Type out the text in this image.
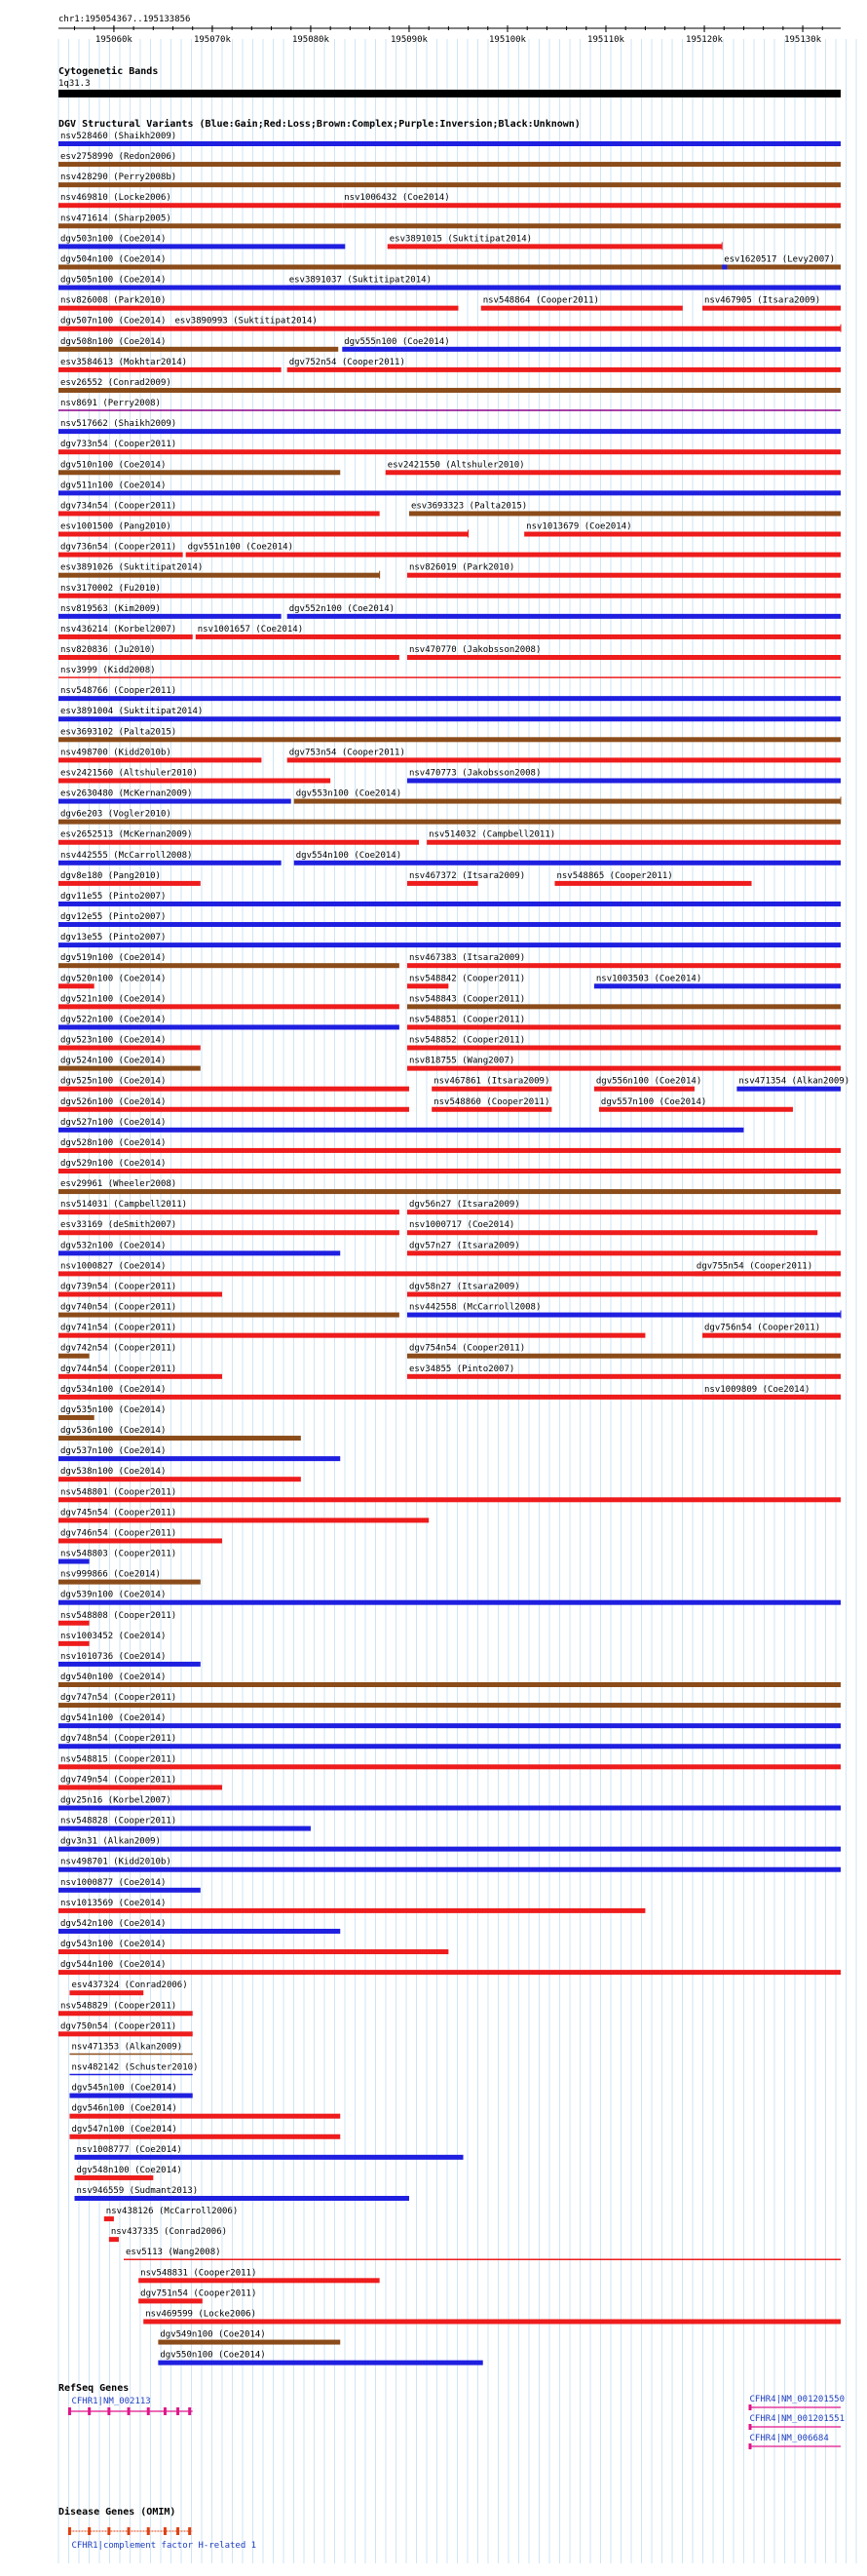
chr1:195054367..195133856
195060k	195070k	195080k	195090k	195100k	195110k	195120k	195130k
Cytogenetic Bands
1q31.3
DGV Structural Variants (Blue:Gain;Red:Loss;Brown:Complex;Purple:Inversion;Black:Unknown)
nsv528460 (Shaikh2009)
esv2758990 (Redon2006)
nsv428290 (Perry2008b)
nsv469810 (Locke2006)	nsv1006432 (Coe2014)
nsv471614 (Sharp2005)
dgv503n100 (Coe2014)	esv3891015 (Suktitipat2014)
dgv504n100 (Coe2014)	esv1620517 (Levy2007)
dgv505n100 (Coe2014)	esv3891037 (Suktitipat2014)
nsv826008 (Park2010)	nsv548864 (Cooper2011)	nsv467905 (Itsara2009)
dgv507n100 (Coe2014) esv3890993 (Suktitipat2014)
dgv508n100 (Coe2014)	dgv555n100 (Coe2014)
esv3584613 (Mokhtar2014)	dgv752n54 (Cooper2011)
esv26552 (Conrad2009)
nsv8691 (Perry2008)
nsv517662 (Shaikh2009)
dgv733n54 (Cooper2011)
dgv510n100 (Coe2014)	esv2421550 (Altshuler2010)
dgv511n100 (Coe2014)
dgv734n54 (Cooper2011)	esv3693323 (Palta2015)
esv1001500 (Pang2010)	nsv1013679 (Coe2014)
dgv736n54 (Cooper2011) dgv551n100 (Coe2014)
esv3891026 (Suktitipat2014)	nsv826019 (Park2010)
nsv3170002 (Fu2010)
nsv819563 (Kim2009)	dgv552n100 (Coe2014)
nsv436214 (Korbel2007) nsv1001657 (Coe2014)
nsv820836 (Ju2010)	nsv470770 (Jakobsson2008)
nsv3999 (Kidd2008)
nsv548766 (Cooper2011)
esv3891004 (Suktitipat2014)
esv3693102 (Palta2015)
nsv498700 (Kidd2010b)	dgv753n54 (Cooper2011)
esv2421560 (Altshuler2010)	nsv470773 (Jakobsson2008)
esv2630480 (McKernan2009)	dgv553n100 (Coe2014)
dgv6e203 (Vogler2010)
esv2652513 (McKernan2009)	nsv514032 (Campbell2011)
nsv442555 (McCarroll2008)	dgv554n100 (Coe2014)
dgv8e180 (Pang2010)	nsv467372 (Itsara2009)	nsv548865 (Cooper2011)
dgv11e55 (Pinto2007)
dgv12e55 (Pinto2007)
dgv13e55 (Pinto2007)
dgv519n100 (Coe2014)	nsv467383 (Itsara2009)
dgv520n100 (Coe2014)	nsv548842 (Cooper2011)	nsv1003503 (Coe2014)
dgv521n100 (Coe2014)	nsv548843 (Cooper2011)
dgv522n100 (Coe2014)	nsv548851 (Cooper2011)
dgv523n100 (Coe2014)	nsv548852 (Cooper2011)
dgv524n100 (Coe2014)	nsv818755 (Wang2007)
dgv525n100 (Coe2014)	nsv467861 (Itsara2009)	dgv556n100 (Coe2014)	nsv471354 (Alkan2009)
dgv526n100 (Coe2014)	nsv548860 (Cooper2011)	dgv557n100 (Coe2014)
dgv527n100 (Coe2014)
dgv528n100 (Coe2014)
dgv529n100 (Coe2014)
esv29961 (Wheeler2008)
nsv514031 (Campbell2011)	dgv56n27 (Itsara2009)
esv33169 (deSmith2007)	nsv1000717 (Coe2014)
dgv532n100 (Coe2014)	dgv57n27 (Itsara2009)
nsv1000827 (Coe2014)	dgv755n54 (Cooper2011)
dgv739n54 (Cooper2011)	dgv58n27 (Itsara2009)
dgv740n54 (Cooper2011)	nsv442558 (McCarroll2008)
dgv741n54 (Cooper2011)	dgv756n54 (Cooper2011)
dgv742n54 (Cooper2011)	dgv754n54 (Cooper2011)
dgv744n54 (Cooper2011)	esv34855 (Pinto2007)
dgv534n100 (Coe2014)	nsv1009809 (Coe2014)
dgv535n100 (Coe2014)
dgv536n100 (Coe2014)
dgv537n100 (Coe2014)
dgv538n100 (Coe2014)
nsv548801 (Cooper2011)
dgv745n54 (Cooper2011)
dgv746n54 (Cooper2011)
nsv548803 (Cooper2011)
nsv999866 (Coe2014)
dgv539n100 (Coe2014)
nsv548808 (Cooper2011)
nsv1003452 (Coe2014)
nsv1010736 (Coe2014)
dgv540n100 (Coe2014)
dgv747n54 (Cooper2011)
dgv541n100 (Coe2014)
dgv748n54 (Cooper2011)
nsv548815 (Cooper2011)
dgv749n54 (Cooper2011)
dgv25n16 (Korbel2007)
nsv548828 (Cooper2011)
dgv3n31 (Alkan2009)
nsv498701 (Kidd2010b)
nsv1000877 (Coe2014)
nsv1013569 (Coe2014)
dgv542n100 (Coe2014)
dgv543n100 (Coe2014)
dgv544n100 (Coe2014)
esv437324 (Conrad2006)
nsv548829 (Cooper2011)
dgv750n54 (Cooper2011)
nsv471353 (Alkan2009)
nsv482142 (Schuster2010)
dgv545n100 (Coe2014)
dgv546n100 (Coe2014)
dgv547n100 (Coe2014)
nsv1008777 (Coe2014)
dgv548n100 (Coe2014)
nsv946559 (Sudmant2013)
nsv438126 (McCarroll2006)
nsv437335 (Conrad2006)
esv5113 (Wang2008)
nsv548831 (Cooper2011)
dgv751n54 (Cooper2011)
nsv469599 (Locke2006)
dgv549n100 (Coe2014)
dgv550n100 (Coe2014)
RefSeq Genes
CFHR1|NM_002113	CFHR4|NM_001201550
CFHR4|NM_001201551
CFHR4|NM_006684
Disease Genes (OMIM)
CFHR1|complement factor H-related 1
